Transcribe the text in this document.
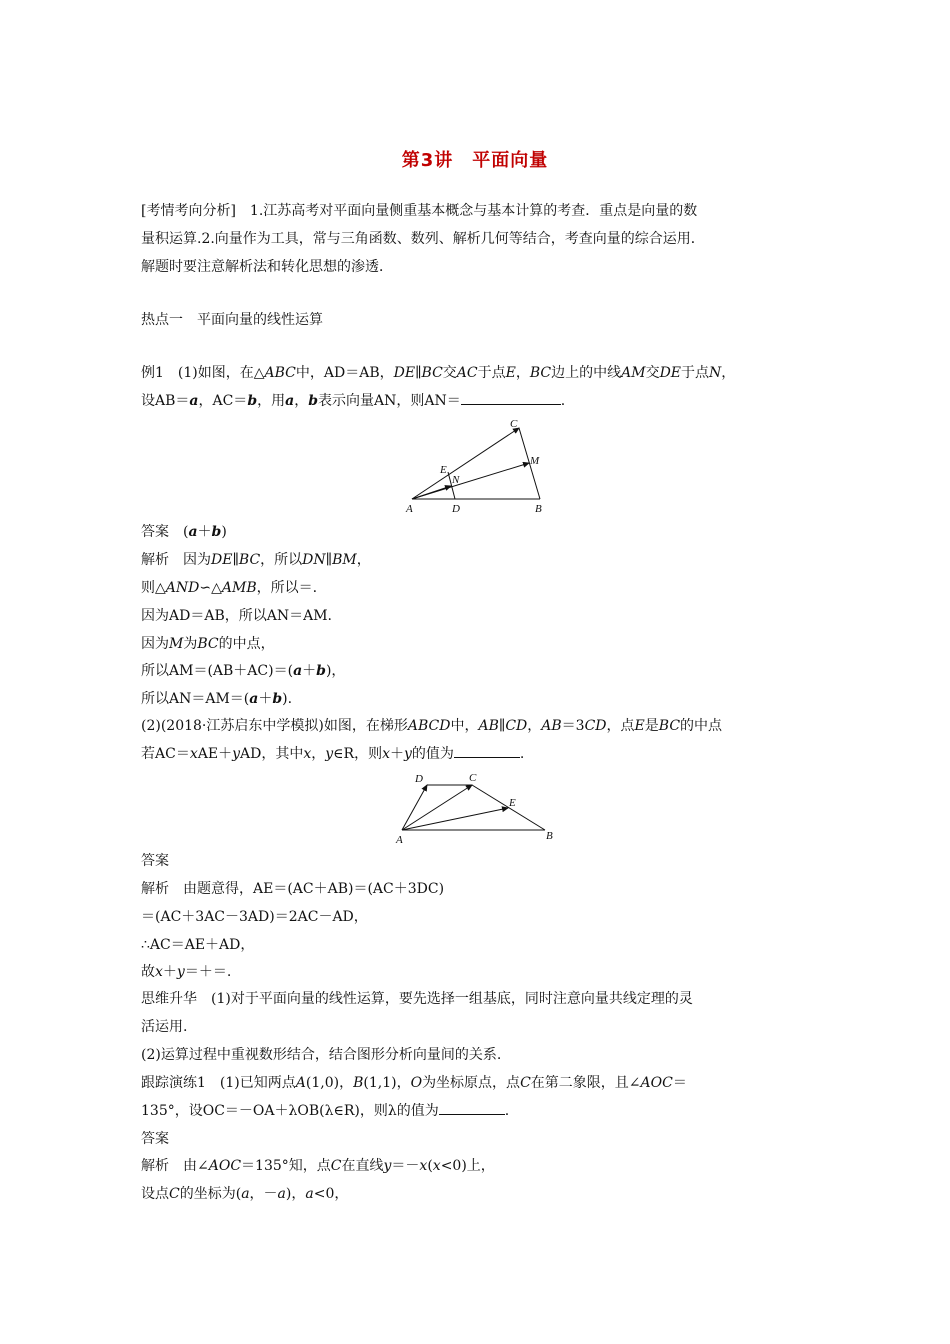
第3讲　平面向量
[考情考向分析]　1.江苏高考对平面向量侧重基本概念与基本计算的考查．重点是向量的数
量积运算.2.向量作为工具，常与三角函数、数列、解析几何等结合，考查向量的综合运用．
解题时要注意解析法和转化思想的渗透．
热点一　平面向量的线性运算
例1　(1)如图，在△ABC中，AD＝AB，DE∥BC交AC于点E，BC边上的中线AM交DE于点N，
设AB＝a，AC＝b，用a，b表示向量AN，则AN＝	.
A	D	B
C
E
N
M
答案　(a＋b)
解析　因为DE∥BC，所以DN∥BM，
则△AND∽△AMB，所以＝.
因为AD＝AB，所以AN＝AM.
因为M为BC的中点，
所以AM＝(AB＋AC)＝(a＋b)，
所以AN＝AM＝(a＋b).
(2)(2018·江苏启东中学模拟)如图，在梯形ABCD中，AB∥CD，AB＝3CD，点E是BC的中点
若AC＝xAE＋yAD，其中x，y∈R，则x＋y的值为	.
A	B
C
D
E
答案
解析　由题意得，AE＝(AC＋AB)＝(AC＋3DC)
＝(AC＋3AC－3AD)＝2AC－AD，
∴AC＝AE＋AD，
故x＋y＝＋＝.
思维升华　(1)对于平面向量的线性运算，要先选择一组基底，同时注意向量共线定理的灵
活运用.
(2)运算过程中重视数形结合，结合图形分析向量间的关系.
跟踪演练1　(1)已知两点A(1,0)，B(1,1)，O为坐标原点，点C在第二象限，且∠AOC＝
135°，设OC＝－OA＋λOB(λ∈R)，则λ的值为	.
答案
解析　由∠AOC＝135°知，点C在直线y＝－x(x<0)上，
设点C的坐标为(a，－a)，a<0，
